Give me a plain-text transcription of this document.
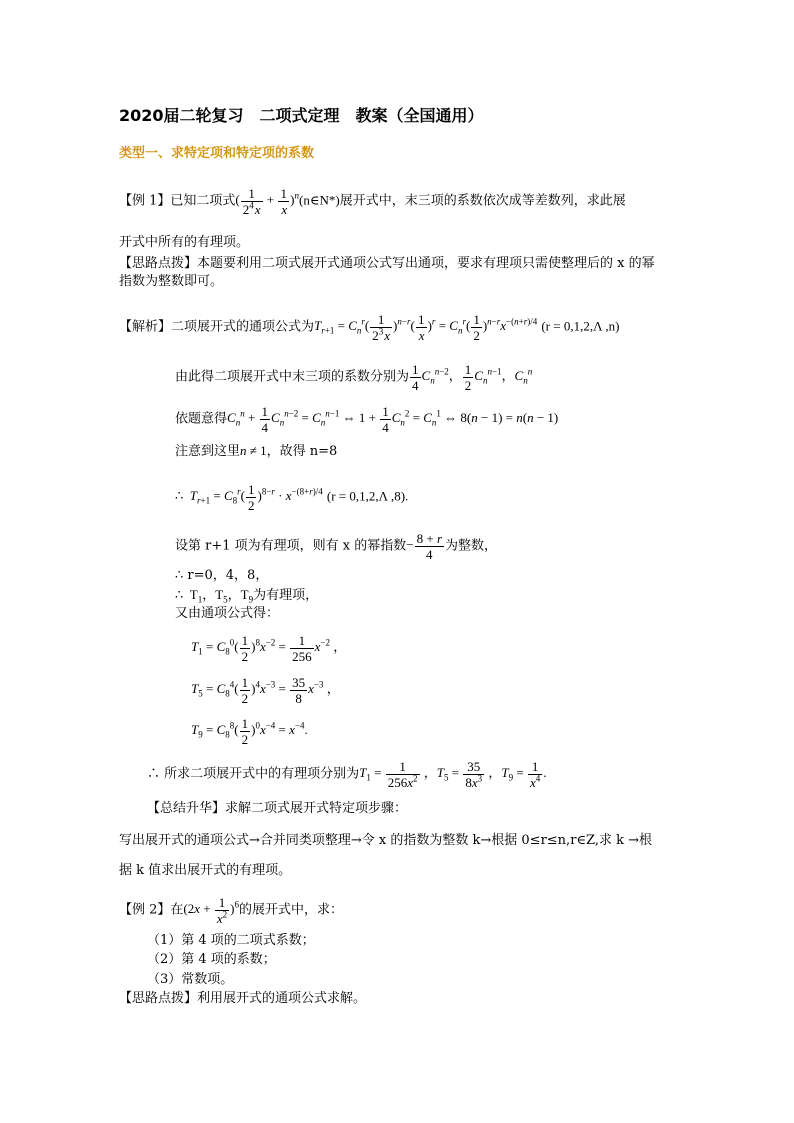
2020届二轮复习　二项式定理　教案（全国通用）
类型一、求特定项和特定项的系数
【例 1】已知二项式( $\frac{1}{2^4x} + \frac{1}{x}$ )$^n$(n∈N*)展开式中，末三项的系数依次成等差数列，求此展
开式中所有的有理项。
【思路点拨】本题要利用二项式展开式通项公式写出通项，要求有理项只需使整理后的 x 的幂
指数为整数即可。
【解析】二项展开式的通项公式为$T_{r+1} = C_n^r( \frac{1}{2^3x} )^{n-r}( \frac{1}{x} )^r = C_n^r( \frac{1}{2} )^{n-r}x^{-(n+r)/4}$ (r = 0,1,2,Λ ,n)
由此得二项展开式中末三项的系数分别为 $\frac{1}{4} C_n^{n-2}$， $\frac{1}{2} C_n^{n-1}$，$C_n^n$
依题意得$C_n^n + \frac{1}{4} C_n^{n-2} = C_n^{n-1}$ ⇔ $1 + \frac{1}{4} C_n^2 = C_n^1$ ⇔ 8(n − 1) = n(n − 1)
注意到这里n ≠ 1，故得 n=8
∴  $T_{r+1} = C_8^r( \frac{1}{2} )^{8-r} \cdot x^{-(8+r)/4}$ (r = 0,1,2,Λ ,8).
设第 r+1 项为有理项，则有 x 的幂指数− $\frac{8 + r}{4}$ 为整数，
∴ r=0，4，8，
∴  $T_1$，$T_5$，$T_9$为有理项，
又由通项公式得：
$T_1 = C_8^0( \frac{1}{2} )^8x^{-2} = \frac{1}{256} x^{-2}$ ，
$T_5 = C_8^4( \frac{1}{2} )^4x^{-3} = \frac{35}{8} x^{-3}$ ，
$T_9 = C_8^8( \frac{1}{2} )^0x^{-4} = x^{-4}$.
∴ 所求二项展开式中的有理项分别为$T_1 = \frac{1}{256x^2}$ ，$T_5 = \frac{35}{8x^3}$ ，$T_9 = \frac{1}{x^4}$ .
【总结升华】求解二项式展开式特定项步骤：
写出展开式的通项公式→合并同类项整理→令 x 的指数为整数 k→根据 0≤r≤n,r∈Z,求 k →根
据 k 值求出展开式的有理项。
【例 2】在$(2x + \frac{1}{x^2} )^6$的展开式中，求：
（1）第 4 项的二项式系数；
（2）第 4 项的系数；
（3）常数项。
【思路点拨】利用展开式的通项公式求解。
